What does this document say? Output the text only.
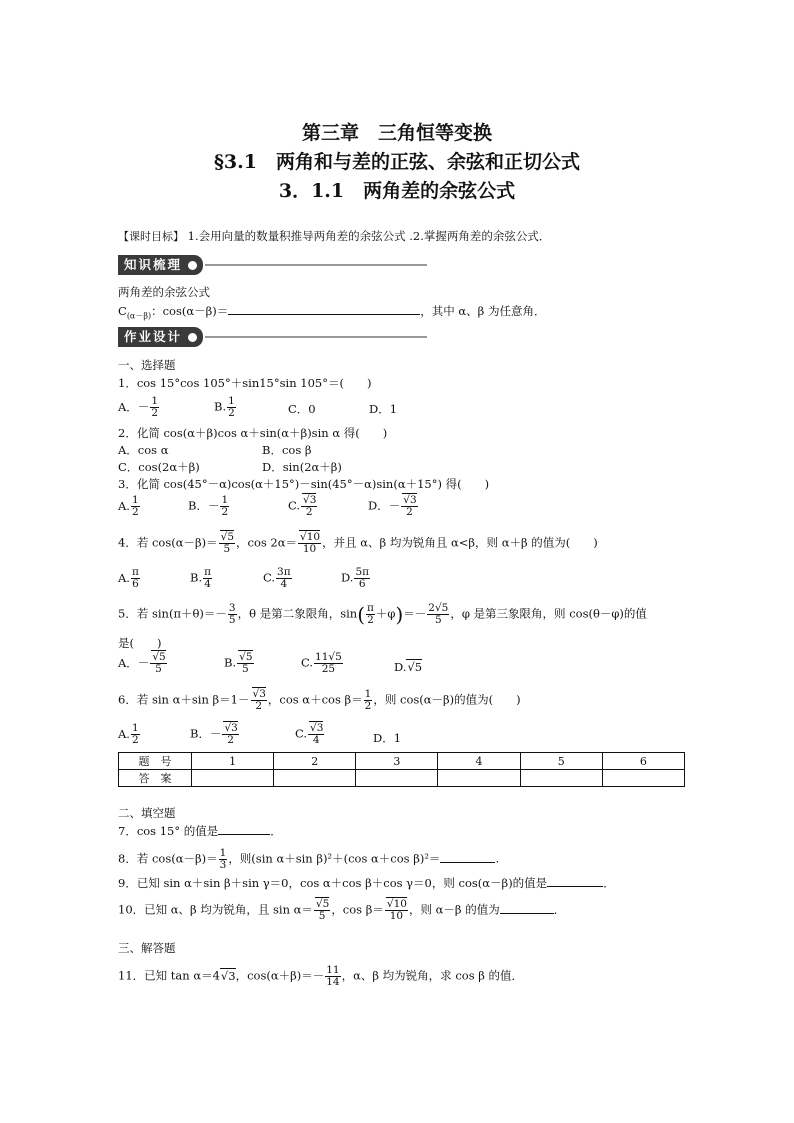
第三章　三角恒等变换
§3.1　两角和与差的正弦、余弦和正切公式
3．1.1　两角差的余弦公式
【课时目标】 1.会用向量的数量积推导两角差的余弦公式 .2.掌握两角差的余弦公式．
知识梳理
两角差的余弦公式
$C_{(\alpha-\beta)}$：cos(α－β)＝	，其中 α、β 为任意角．
作业设计
一、选择题
1．cos 15°cos 105°＋sin15°sin 105°＝(　　)
A．－ $\frac{1}{2}$	B. $\frac{1}{2}$	C．0	D．1
2．化简 cos(α＋β)cos α＋sin(α＋β)sin α 得(　　)
A．cos α	B．cos β
C．cos(2α＋β)	D．sin(2α＋β)
3．化简 cos(45°－α)cos(α＋15°)－sin(45°－α)sin(α＋15°) 得(　　)
A. $\frac{1}{2}$	B．－ $\frac{1}{2}$	C. √ $\frac{3}{2}$	D．－ √ $\frac{3}{2}$
4．若 cos(α－β)＝ √ $\frac{5}{5}$ ，cos 2α＝ √ $\frac{10}{10}$ ，并且 α、β 均为锐角且 α<β，则 α＋β 的值为(　　)
A. $\frac{\pi}{6}$	B. $\frac{\pi}{4}$	C. $\frac{3\pi}{4}$	D. $\frac{5\pi}{6}$
5．若 $\sin(\pi+\theta)=- \frac{3}{5}$ ，θ 是第二象限角，$\sin( \frac{\pi}{2} +\varphi)=- \frac{2√5}{5}$ ，φ 是第三象限角，则 cos(θ－φ)的值
是(　　)
A．－ √ $\frac{5}{5}$	B. √ $\frac{5}{5}$	C. $\frac{11√5}{25}$	D. √ 5
6．若 sin α＋sin β＝1－ √ $\frac{3}{2}$ ，cos α＋cos $\beta= \frac{1}{2}$ ，则 cos(α－β)的值为(　　)
A. $\frac{1}{2}$	B．－ √ $\frac{3}{2}$	C. √ $\frac{3}{4}$	D．1
题　号	1	2	3	4	5	6
答　案						
二、填空题
7．cos 15° 的值是	．
8．若 $\cos(\alpha-\beta)= \frac{1}{3}$ ，则(sin α＋sin β)²＋(cos α＋cos β)²＝	.
9．已知 sin α＋sin β＋sin γ＝0，cos α＋cos β＋cos γ＝0，则 cos(α－β)的值是	．
10．已知 α、β 均为锐角，且 sin α＝ √ $\frac{5}{5}$ ，cos β＝ √ $\frac{10}{10}$ ，则 α－β 的值为	．
三、解答题
11．已知 tan α＝4 √ 3，$\cos(\alpha+\beta)=- \frac{11}{14}$ ，α、β 均为锐角，求 cos β 的值．
